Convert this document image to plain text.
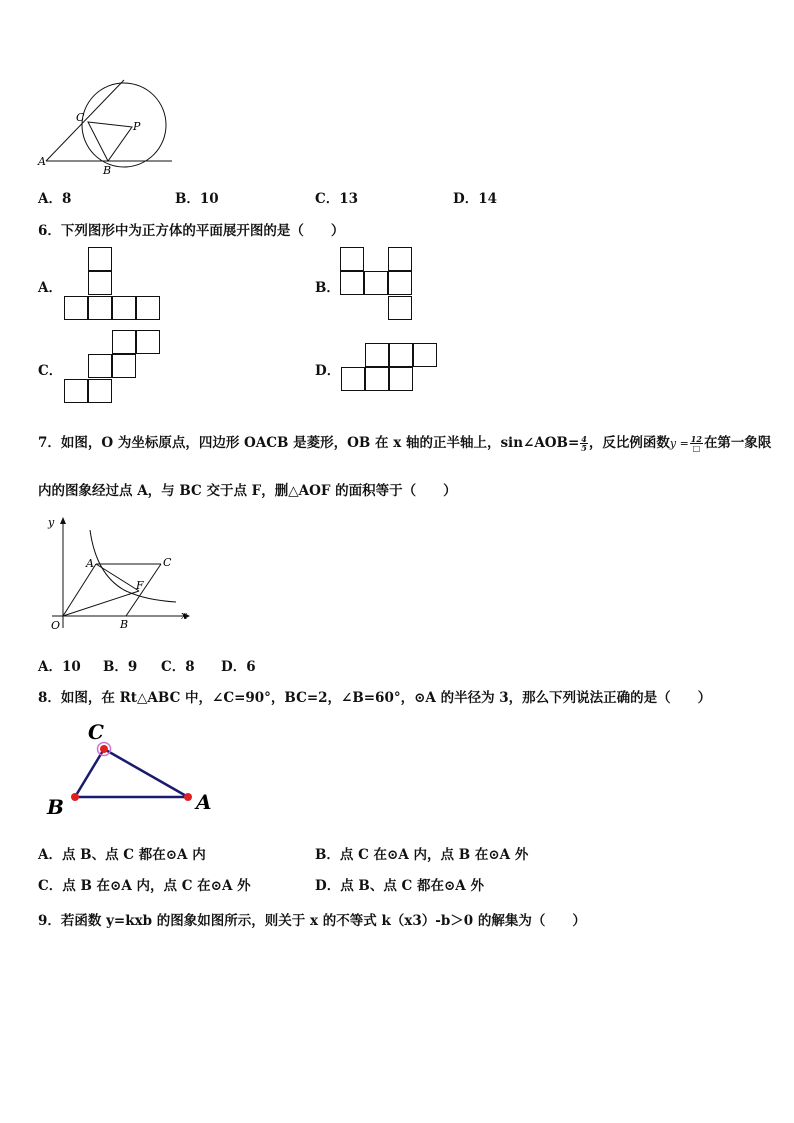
C
P
A
B
A．8	B．10	C．13	D．14
6．下列图形中为正方体的平面展开图的是（　　）
A．	B．
C．	D．
7．如图，O 为坐标原点，四边形 OACB 是菱形，OB 在 x 轴的正半轴上，sin∠AOB= $\frac{4}{5}$ ，反比例函数$y = \frac{12}{□}$ 在第一象限
内的图象经过点 A，与 BC 交于点 F，删△AOF 的面积等于（　　）
y
x
O
A	C
F
B
A．10 B．9 C．8 D．6
8．如图，在 Rt△ABC 中，∠C=90°，BC=2，∠B=60°，⊙A 的半径为 3，那么下列说法正确的是（　　）
C
B	A
A．点 B、点 C 都在⊙A 内	B．点 C 在⊙A 内，点 B 在⊙A 外
C．点 B 在⊙A 内，点 C 在⊙A 外	D．点 B、点 C 都在⊙A 外
9．若函数 y=kxb 的图象如图所示，则关于 x 的不等式 k（x3）-b＞0 的解集为（　　）
